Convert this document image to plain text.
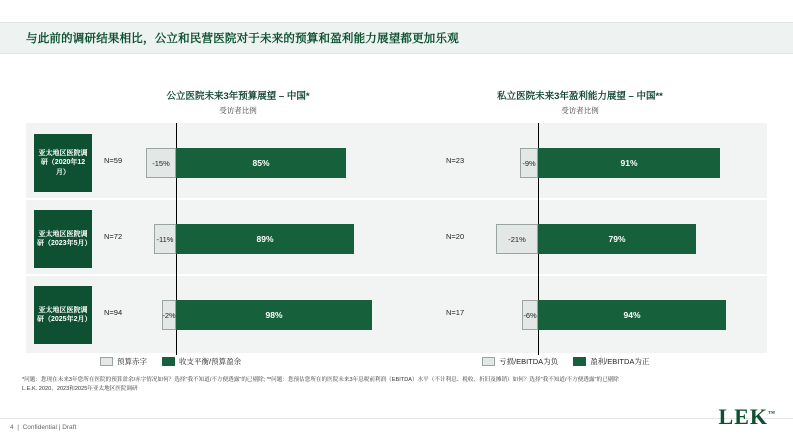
与此前的调研结果相比，公立和民营医院对于未来的预算和盈利能力展望都更加乐观
公立医院未来3年预算展望 – 中国*
受访者比例
私立医院未来3年盈利能力展望 – 中国**
受访者比例
亚太地区医院调研（2020年12月）
N=59	-15%	85%	N=23	-9%	91%
亚太地区医院调研（2023年5月）
N=72	-11%	89%	N=20	-21%	79%
亚太地区医院调研（2025年2月）
N=94	-2%	98%	N=17	-6%	94%
预算赤字	收支平衡/预算盈余	亏损/EBITDA为负	盈利/EBITDA为正
*问题：您现在未来3年您所在医院的预算盈余/赤字情况如何？选择"我不知道/不方便透露"的已剔除; **问题：您预估您所在的医院未来3年息税前利润（EBITDA）水平（不计利息、税收、折旧及摊销）如何？选择"我不知道/不方便透露"的已剔除
L.E.K. 2020、2023和2025年亚太地区医院调研
4  |  Confidential | Draft	LEK™
